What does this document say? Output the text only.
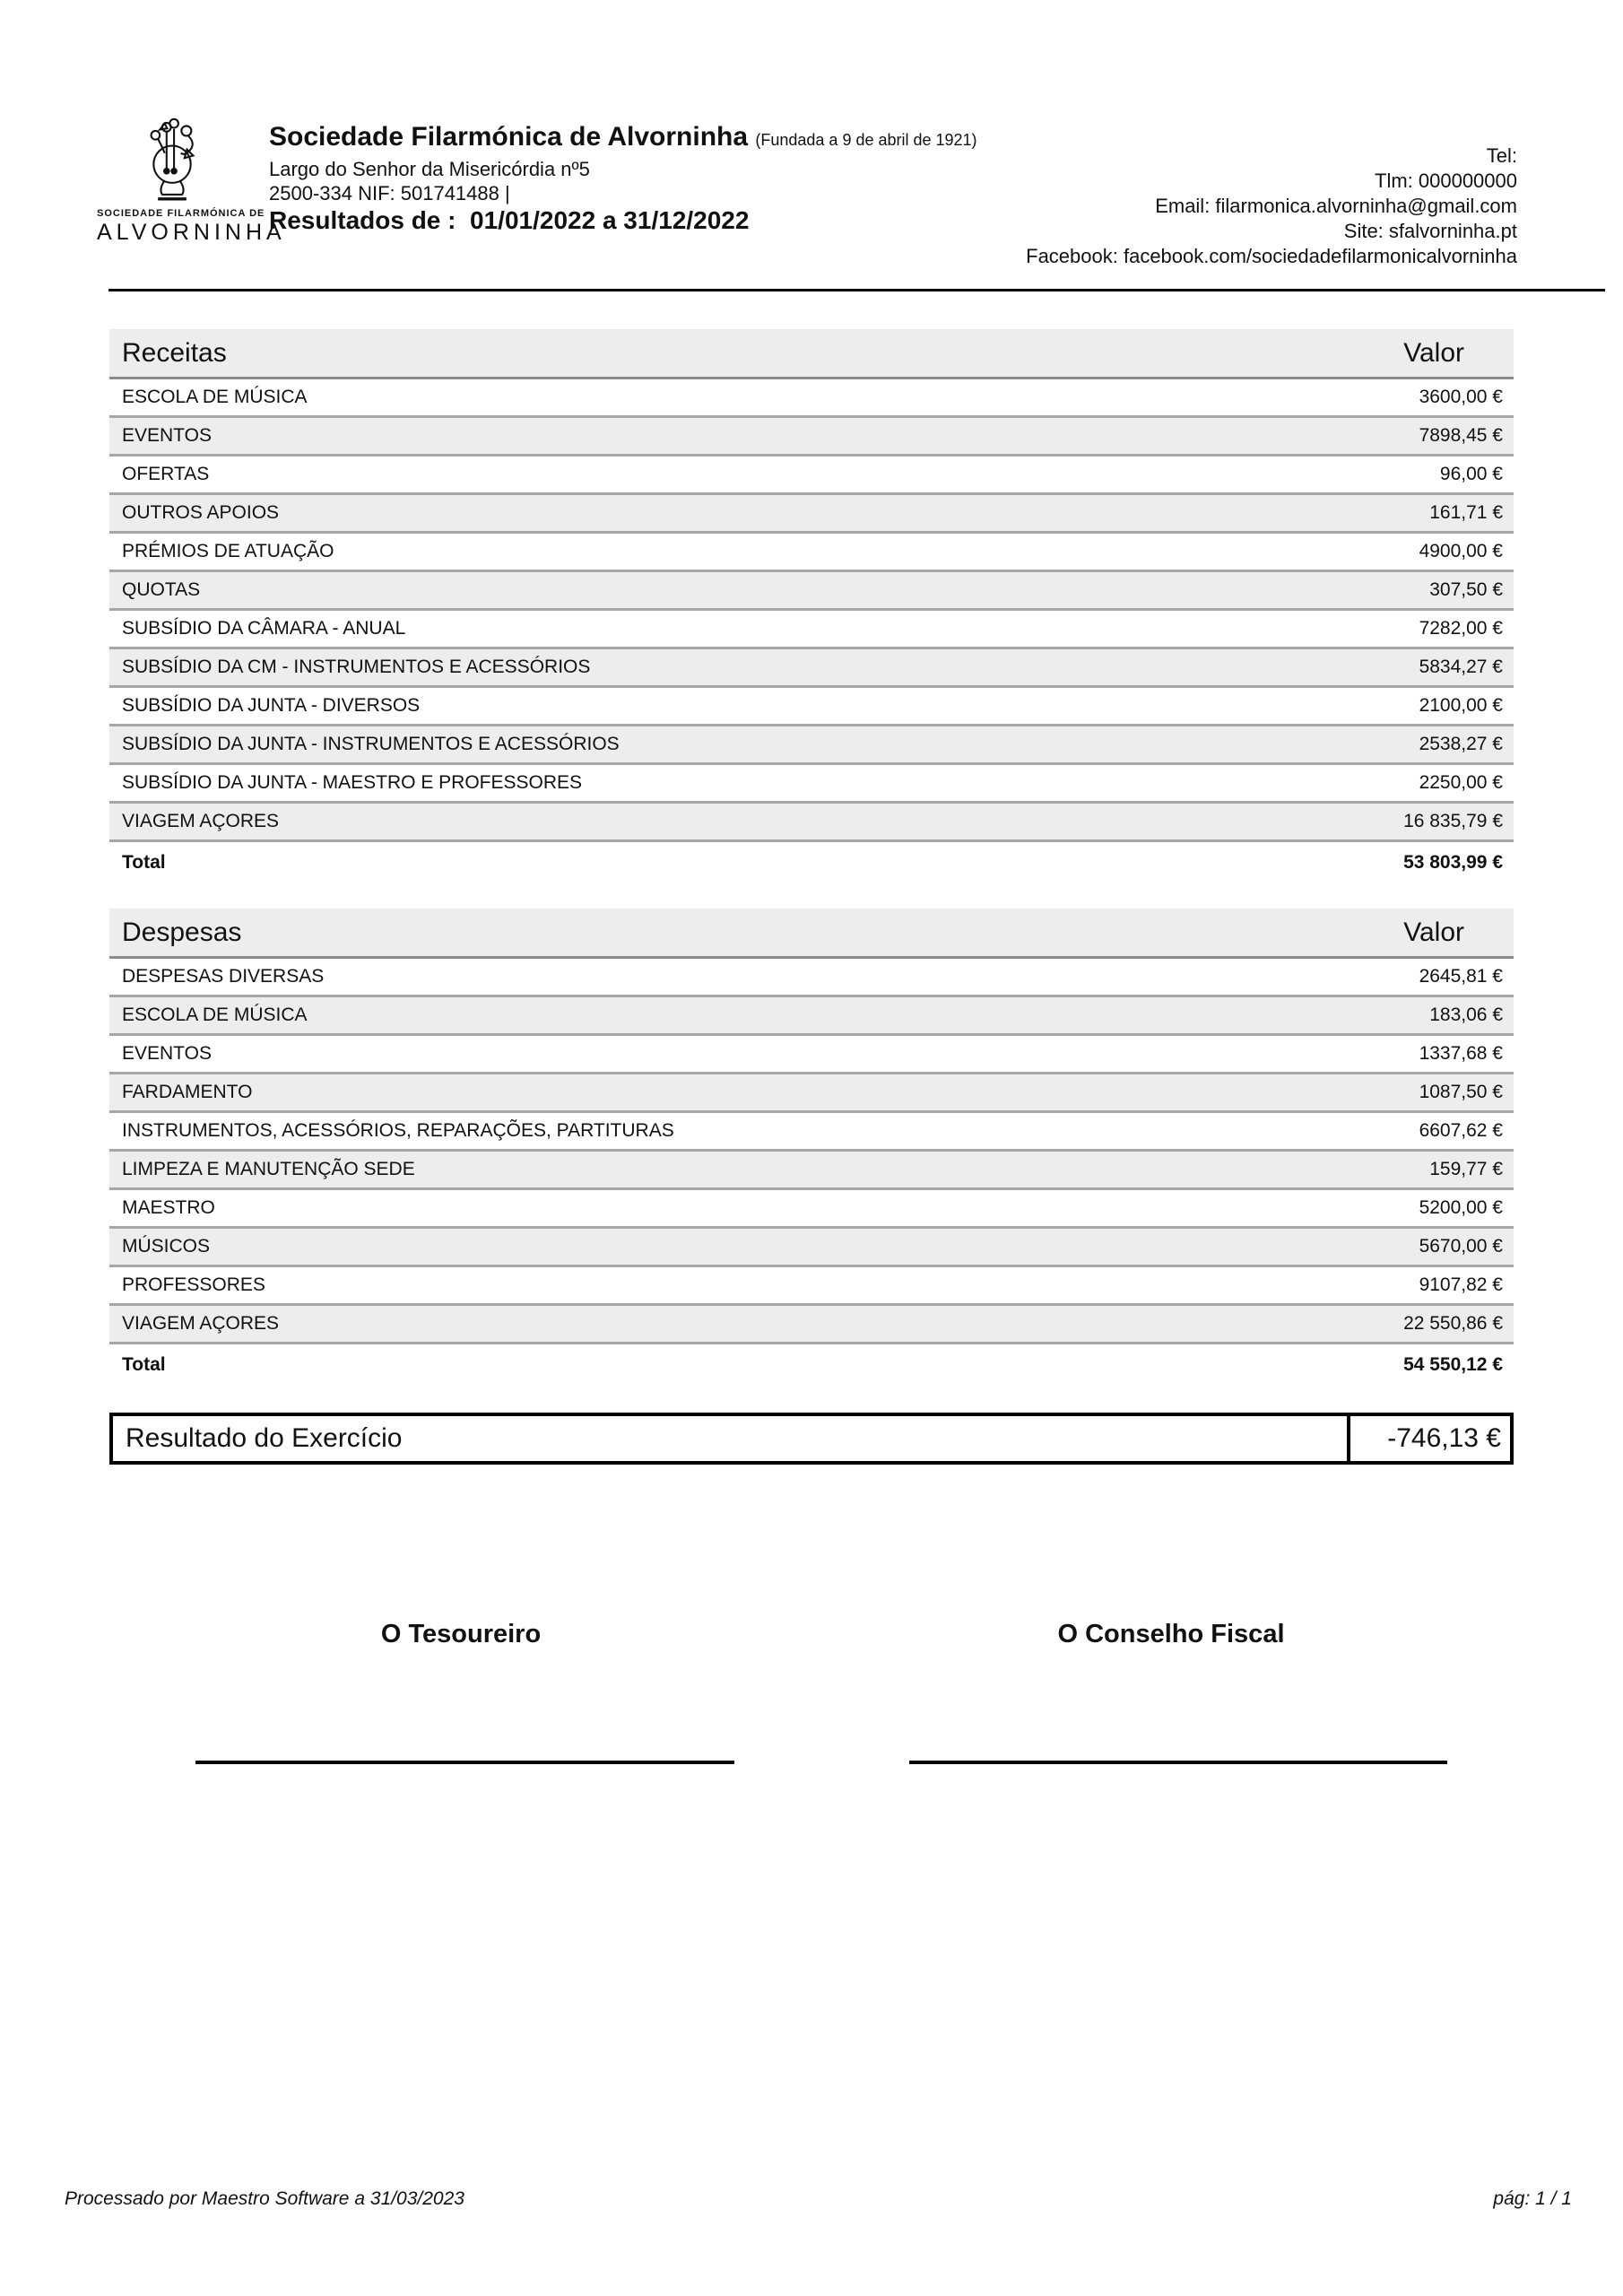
SOCIEDADE FILARMÓNICA DE
ALVORNINHA
Sociedade Filarmónica de Alvorninha (Fundada a 9 de abril de 1921)
Largo do Senhor da Misericórdia nº5
2500-334 NIF: 501741488 |
Resultados de :  01/01/2022 a 31/12/2022
Tel:
Tlm: 000000000
Email: filarmonica.alvorninha@gmail.com
Site: sfalvorninha.pt
Facebook: facebook.com/sociedadefilarmonicalvorninha
Receitas	Valor
ESCOLA DE MÚSICA	3600,00 €
EVENTOS	7898,45 €
OFERTAS	96,00 €
OUTROS APOIOS	161,71 €
PRÉMIOS DE ATUAÇÃO	4900,00 €
QUOTAS	307,50 €
SUBSÍDIO DA CÂMARA - ANUAL	7282,00 €
SUBSÍDIO DA CM - INSTRUMENTOS E ACESSÓRIOS	5834,27 €
SUBSÍDIO DA JUNTA - DIVERSOS	2100,00 €
SUBSÍDIO DA JUNTA - INSTRUMENTOS E ACESSÓRIOS	2538,27 €
SUBSÍDIO DA JUNTA - MAESTRO E PROFESSORES	2250,00 €
VIAGEM AÇORES	16 835,79 €
Total	53 803,99 €
Despesas	Valor
DESPESAS DIVERSAS	2645,81 €
ESCOLA DE MÚSICA	183,06 €
EVENTOS	1337,68 €
FARDAMENTO	1087,50 €
INSTRUMENTOS, ACESSÓRIOS, REPARAÇÕES, PARTITURAS	6607,62 €
LIMPEZA E MANUTENÇÃO SEDE	159,77 €
MAESTRO	5200,00 €
MÚSICOS	5670,00 €
PROFESSORES	9107,82 €
VIAGEM AÇORES	22 550,86 €
Total	54 550,12 €
Resultado do Exercício	-746,13 €
O Tesoureiro	O Conselho Fiscal
Processado por Maestro Software a 31/03/2023	pág: 1 / 1
